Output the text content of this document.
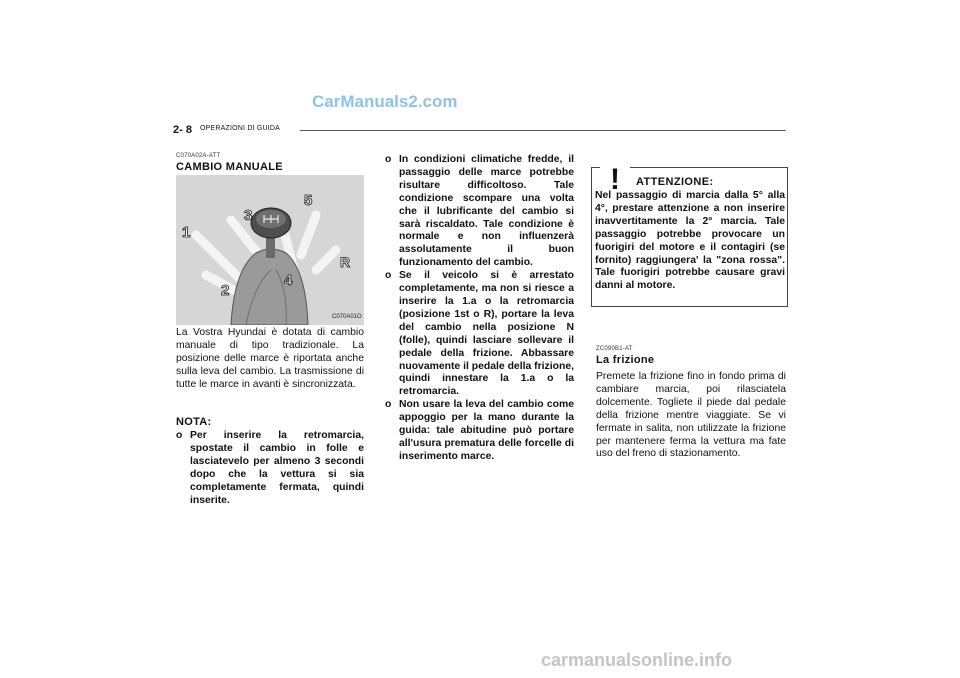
CarManuals2.com
2- 8 OPERAZIONI DI GUIDA
C070A02A-ATT
CAMBIO MANUALE
1
2
3
4
5
R
C070A01O

La Vostra Hyundai è dotata di cambio manuale di tipo tradizionale. La posizione delle marce è riportata anche sulla leva del cambio. La trasmissione di tutte le marce in avanti è sincronizzata.

NOTA:
o Per inserire la retromarcia, spostate il cambio in folle e lasciatevelo per almeno 3 secondi dopo che la vettura si sia completamente fermata, quindi inserite.
o In condizioni climatiche fredde, il passaggio delle marce potrebbe risultare difficoltoso. Tale condizione scompare una volta che il lubrificante del cambio si sarà riscaldato. Tale condizione è normale e non influenzerà assolutamente il buon funzionamento del cambio.
o Se il veicolo si è arrestato completamente, ma non si riesce a inserire la 1.a o la retromarcia (posizione 1st o R), portare la leva del cambio nella posizione N (folle), quindi lasciare sollevare il pedale della frizione. Abbassare nuovamente il pedale della frizione, quindi innestare la 1.a o la retromarcia.
o Non usare la leva del cambio come appoggio per la mano durante la guida: tale abitudine può portare all'usura prematura delle forcelle di inserimento marce.
! ATTENZIONE:

Nel passaggio di marcia dalla 5° alla 4°, prestare attenzione a non inserire inavvertitamente la 2° marcia. Tale passaggio potrebbe provocare un fuorigiri del motore e il contagiri (se fornito) raggiungera' la "zona rossa". Tale fuorigiri potrebbe causare gravi danni al motore.

ZC090B1-AT
La frizione

Premete la frizione fino in fondo prima di cambiare marcia, poi rilasciatela dolcemente. Togliete il piede dal pedale della frizione mentre viaggiate. Se vi fermate in salita, non utilizzate la frizione per mantenere ferma la vettura ma fate uso del freno di stazionamento.

carmanualsonline.info
